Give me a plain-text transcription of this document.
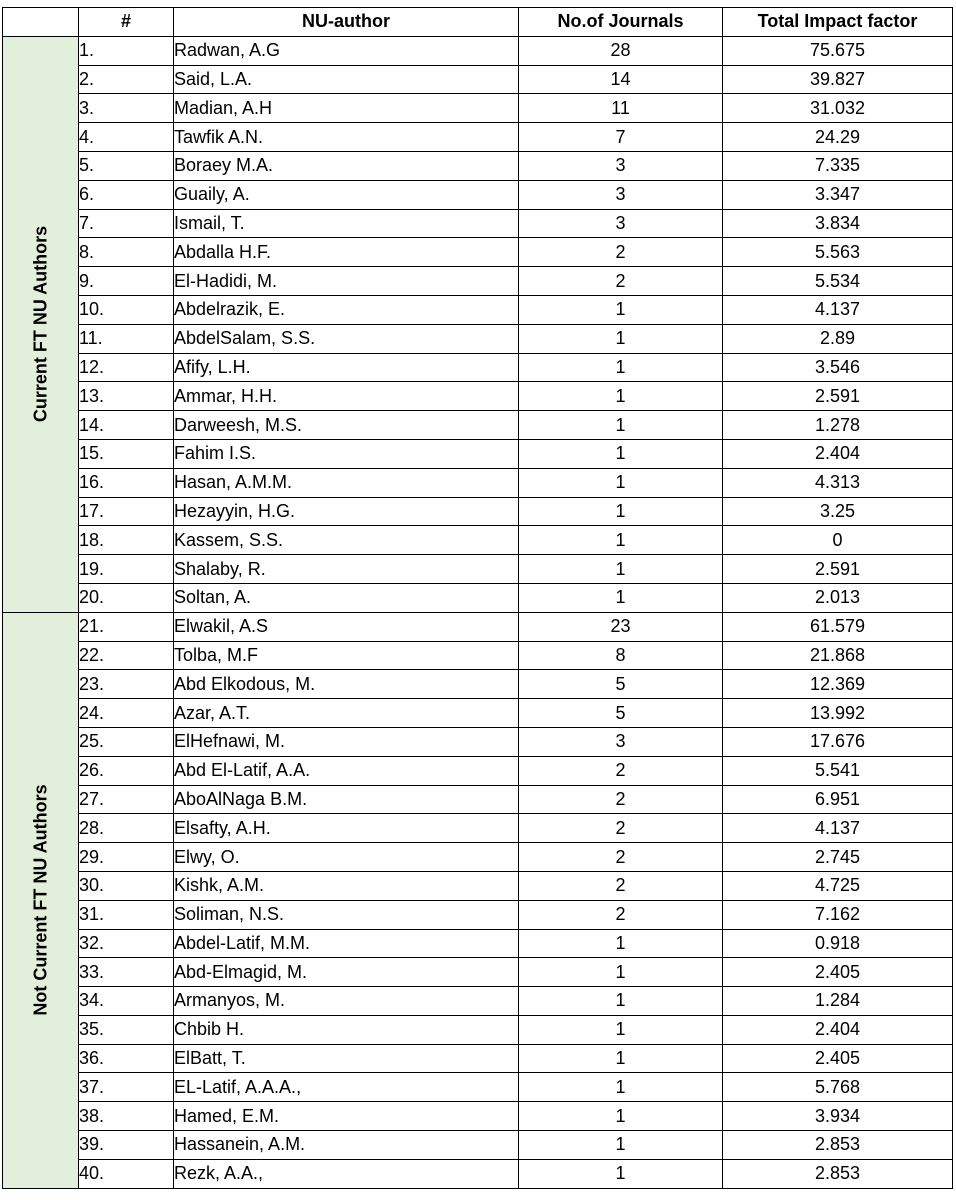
	#	NU-author	No.of Journals	Total Impact factor

Current FT NU Authors	1.	Radwan, A.G	28	75.675
	2.	Said, L.A.	14	39.827
	3.	Madian, A.H	11	31.032
	4.	Tawfik A.N.	7	24.29
	5.	Boraey M.A.	3	7.335
	6.	Guaily, A.	3	3.347
	7.	Ismail, T.	3	3.834
	8.	Abdalla H.F.	2	5.563
	9.	El-Hadidi, M.	2	5.534
	10.	Abdelrazik, E.	1	4.137
	11.	AbdelSalam, S.S.	1	2.89
	12.	Afify, L.H.	1	3.546
	13.	Ammar, H.H.	1	2.591
	14.	Darweesh, M.S.	1	1.278
	15.	Fahim I.S.	1	2.404
	16.	Hasan, A.M.M.	1	4.313
	17.	Hezayyin, H.G.	1	3.25
	18.	Kassem, S.S.	1	0
	19.	Shalaby, R.	1	2.591
	20.	Soltan, A.	1	2.013

Not Current FT NU Authors	21.	Elwakil, A.S	23	61.579
	22.	Tolba, M.F	8	21.868
	23.	Abd Elkodous, M.	5	12.369
	24.	Azar, A.T.	5	13.992
	25.	ElHefnawi, M.	3	17.676
	26.	Abd El-Latif, A.A.	2	5.541
	27.	AboAlNaga B.M.	2	6.951
	28.	Elsafty, A.H.	2	4.137
	29.	Elwy, O.	2	2.745
	30.	Kishk, A.M.	2	4.725
	31.	Soliman, N.S.	2	7.162
	32.	Abdel-Latif, M.M.	1	0.918
	33.	Abd-Elmagid, M.	1	2.405
	34.	Armanyos, M.	1	1.284
	35.	Chbib H.	1	2.404
	36.	ElBatt, T.	1	2.405
	37.	EL-Latif, A.A.A.,	1	5.768
	38.	Hamed, E.M.	1	3.934
	39.	Hassanein, A.M.	1	2.853
	40.	Rezk, A.A.,	1	2.853
